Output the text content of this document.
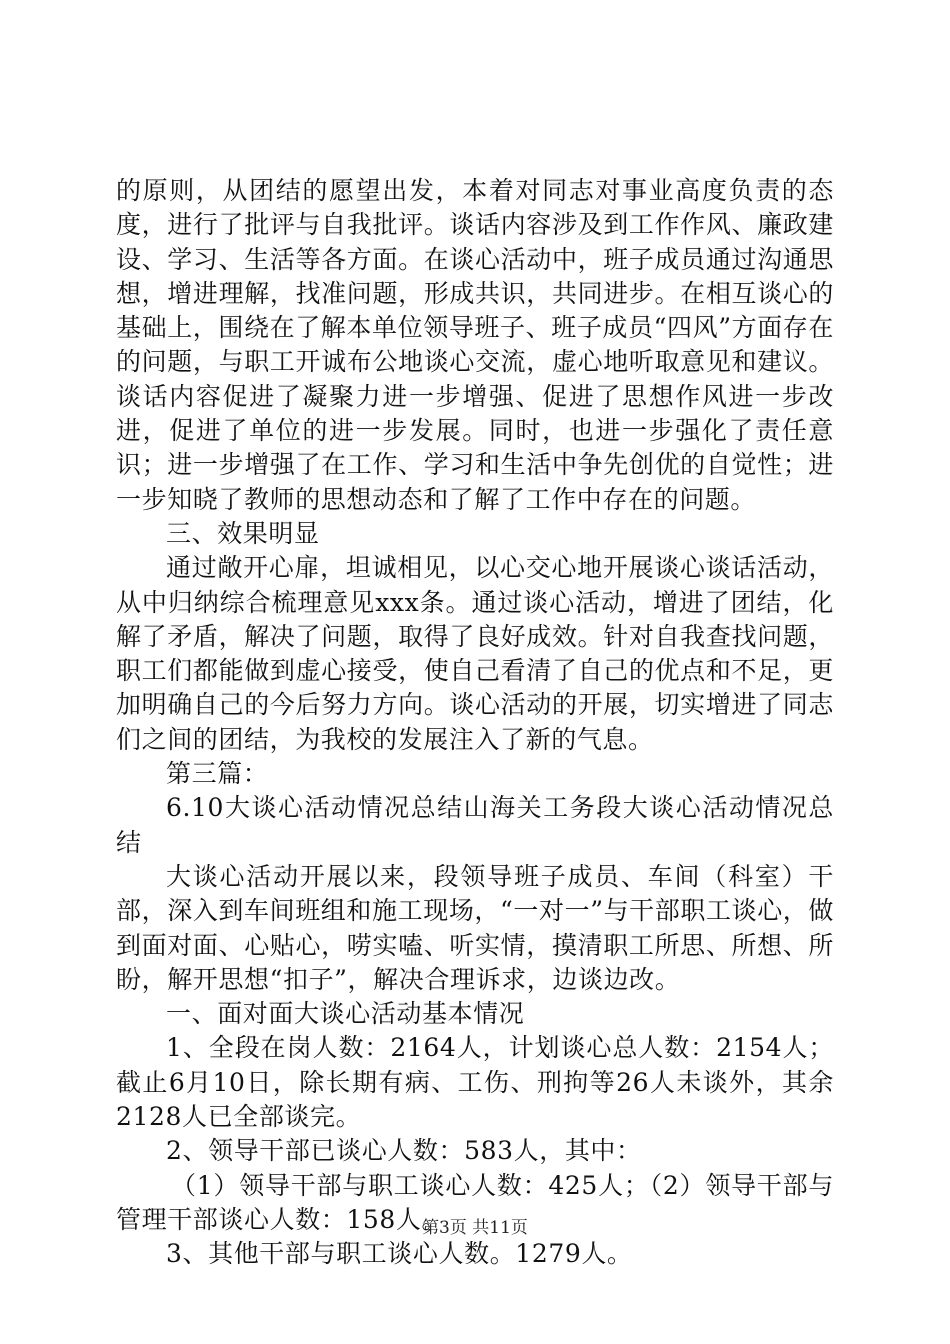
的原则，从团结的愿望出发，本着对同志对事业高度负责的态度，进行了批评与自我批评。谈话内容涉及到工作作风、廉政建设、学习、生活等各方面。在谈心活动中，班子成员通过沟通思想，增进理解，找准问题，形成共识，共同进步。在相互谈心的基础上，围绕在了解本单位领导班子、班子成员“四风”方面存在的问题，与职工开诚布公地谈心交流，虚心地听取意见和建议。谈话内容促进了凝聚力进一步增强、促进了思想作风进一步改进，促进了单位的进一步发展。同时，也进一步强化了责任意识；进一步增强了在工作、学习和生活中争先创优的自觉性；进一步知晓了教师的思想动态和了解了工作中存在的问题。

三、效果明显

通过敞开心扉，坦诚相见，以心交心地开展谈心谈话活动，从中归纳综合梳理意见xxx条。通过谈心活动，增进了团结，化解了矛盾，解决了问题，取得了良好成效。针对自我查找问题，职工们都能做到虚心接受，使自己看清了自己的优点和不足，更加明确自己的今后努力方向。谈心活动的开展，切实增进了同志们之间的团结，为我校的发展注入了新的气息。

第三篇：

6.10大谈心活动情况总结山海关工务段大谈心活动情况总结

大谈心活动开展以来，段领导班子成员、车间（科室）干部，深入到车间班组和施工现场，“一对一”与干部职工谈心，做到面对面、心贴心，唠实嗑、听实情，摸清职工所思、所想、所盼，解开思想“扣子”，解决合理诉求，边谈边改。

一、面对面大谈心活动基本情况

1、全段在岗人数：2164人，计划谈心总人数：2154人；截止6月10日，除长期有病、工伤、刑拘等26人未谈外，其余2128人已全部谈完。

2、领导干部已谈心人数：583人，其中：

（1）领导干部与职工谈心人数：425人；（2）领导干部与管理干部谈心人数：158人。

3、其他干部与职工谈心人数。1279人。

第3页 共11页
